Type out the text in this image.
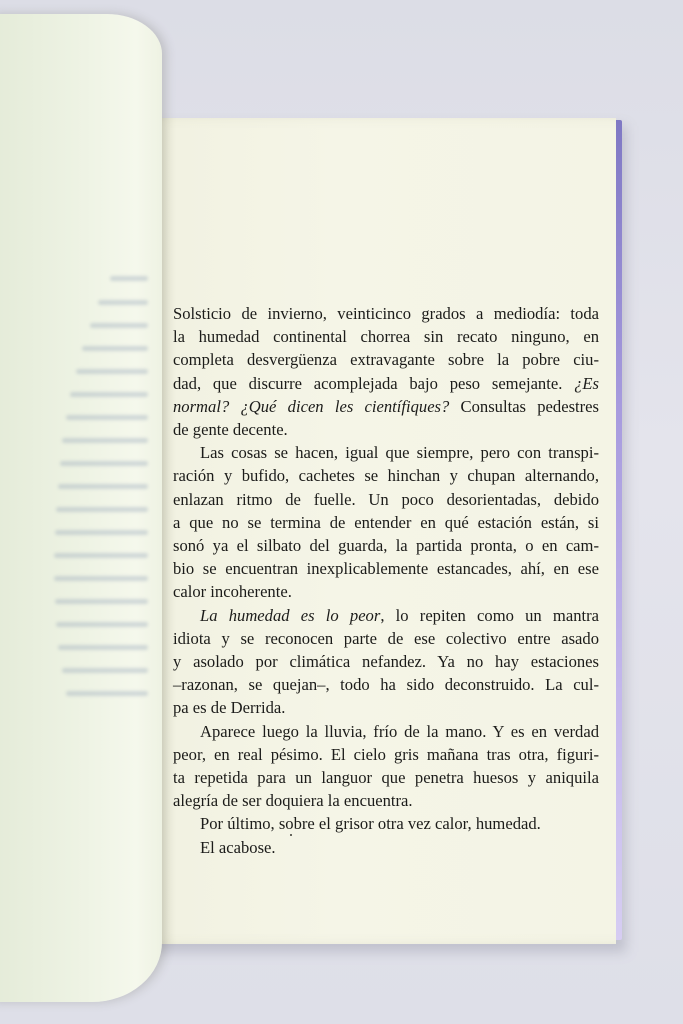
Solsticio de invierno, veinticinco grados a mediodía: toda
la humedad continental chorrea sin recato ninguno, en
completa desvergüenza extravagante sobre la pobre ciu-
dad, que discurre acomplejada bajo peso semejante. ¿Es
normal? ¿Qué dicen les científiques? Consultas pedestres
de gente decente.
Las cosas se hacen, igual que siempre, pero con transpi-
ración y bufido, cachetes se hinchan y chupan alternando,
enlazan ritmo de fuelle. Un poco desorientadas, debido
a que no se termina de entender en qué estación están, si
sonó ya el silbato del guarda, la partida pronta, o en cam-
bio se encuentran inexplicablemente estancades, ahí, en ese
calor incoherente.
La humedad es lo peor, lo repiten como un mantra
idiota y se reconocen parte de ese colectivo entre asado
y asolado por climática nefandez. Ya no hay estaciones
–razonan, se quejan–, todo ha sido deconstruido. La cul-
pa es de Derrida.
Aparece luego la lluvia, frío de la mano. Y es en verdad
peor, en real pésimo. El cielo gris mañana tras otra, figuri-
ta repetida para un languor que penetra huesos y aniquila
alegría de ser doquiera la encuentra.
Por último, sobre el grisor otra vez calor, humedad.
El acabose.
